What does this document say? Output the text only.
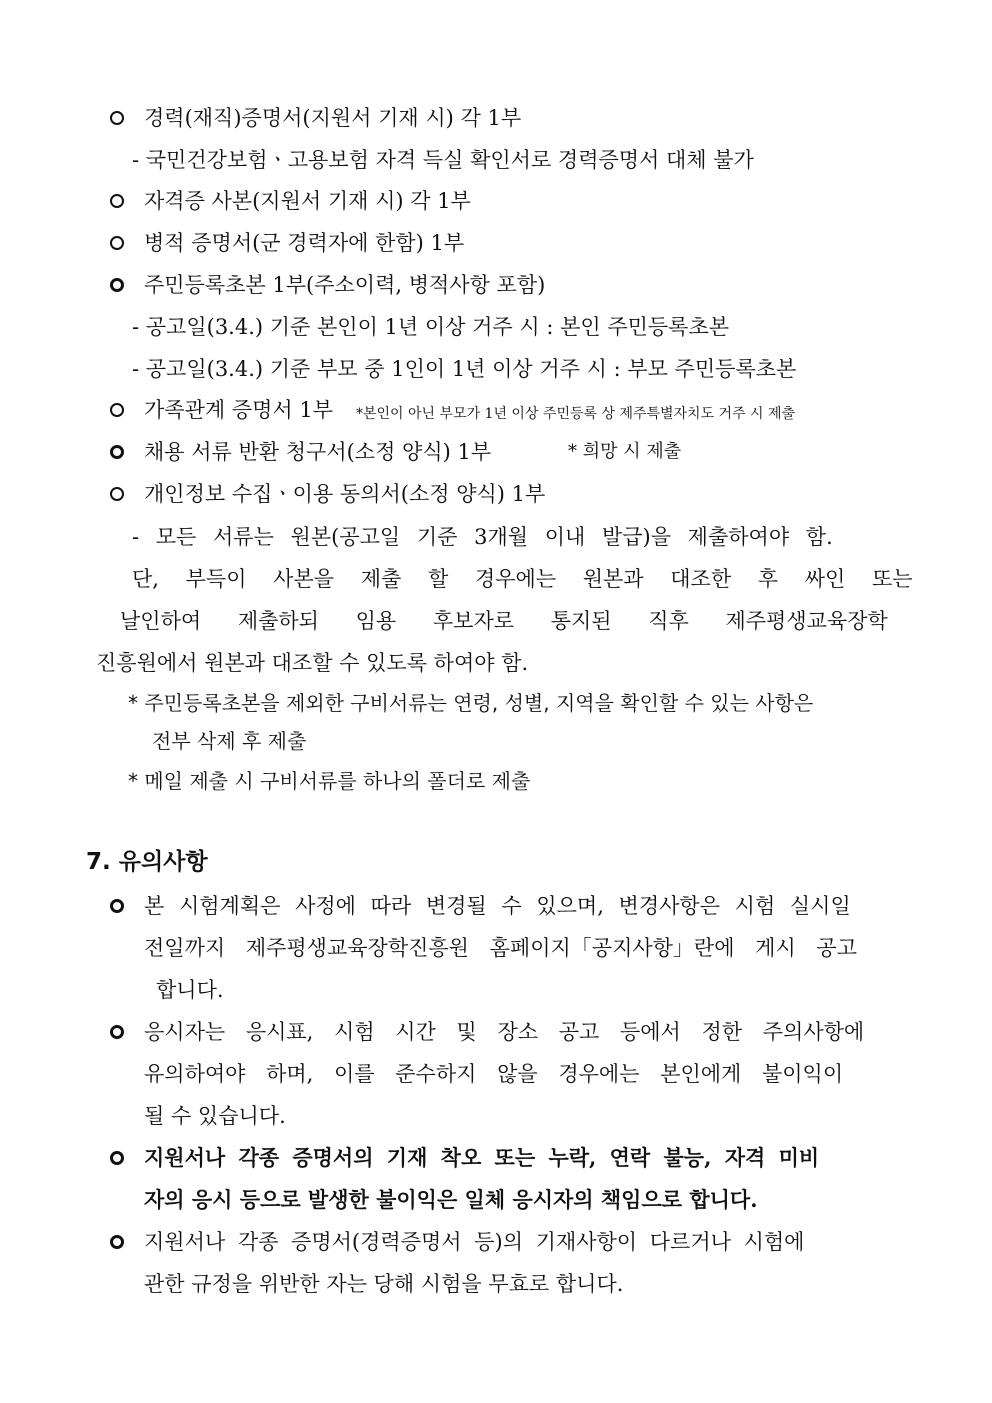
경력(재직)증명서(지원서 기재 시) 각 1부
- 국민건강보험ㆍ고용보험 자격 득실 확인서로 경력증명서 대체 불가
자격증 사본(지원서 기재 시) 각 1부
병적 증명서(군 경력자에 한함) 1부
주민등록초본 1부(주소이력, 병적사항 포함)
- 공고일(3.4.) 기준 본인이 1년 이상 거주 시 : 본인 주민등록초본
- 공고일(3.4.) 기준 부모 중 1인이 1년 이상 거주 시 : 부모 주민등록초본
가족관계 증명서 1부 *본인이 아닌 부모가 1년 이상 주민등록 상 제주특별자치도 거주 시 제출
채용 서류 반환 청구서(소정 양식) 1부	* 희망 시 제출
개인정보 수집ㆍ이용 동의서(소정 양식) 1부
- 모든 서류는 원본(공고일 기준 3개월 이내 발급)을 제출하여야 함.
단, 부득이 사본을 제출 할 경우에는 원본과 대조한 후 싸인 또는
날인하여 제출하되 임용 후보자로 통지된 직후 제주평생교육장학
진흥원에서 원본과 대조할 수 있도록 하여야 함.
* 주민등록초본을 제외한 구비서류는 연령, 성별, 지역을 확인할 수 있는 사항은
전부 삭제 후 제출
* 메일 제출 시 구비서류를 하나의 폴더로 제출
7. 유의사항
본 시험계획은 사정에 따라 변경될 수 있으며, 변경사항은 시험 실시일
전일까지 제주평생교육장학진흥원 홈페이지「공지사항」란에 게시 공고
합니다.
응시자는 응시표, 시험 시간 및 장소 공고 등에서 정한 주의사항에
유의하여야 하며, 이를 준수하지 않을 경우에는 본인에게 불이익이
될 수 있습니다.
지원서나 각종 증명서의 기재 착오 또는 누락, 연락 불능, 자격 미비
자의 응시 등으로 발생한 불이익은 일체 응시자의 책임으로 합니다.
지원서나 각종 증명서(경력증명서 등)의 기재사항이 다르거나 시험에
관한 규정을 위반한 자는 당해 시험을 무효로 합니다.
